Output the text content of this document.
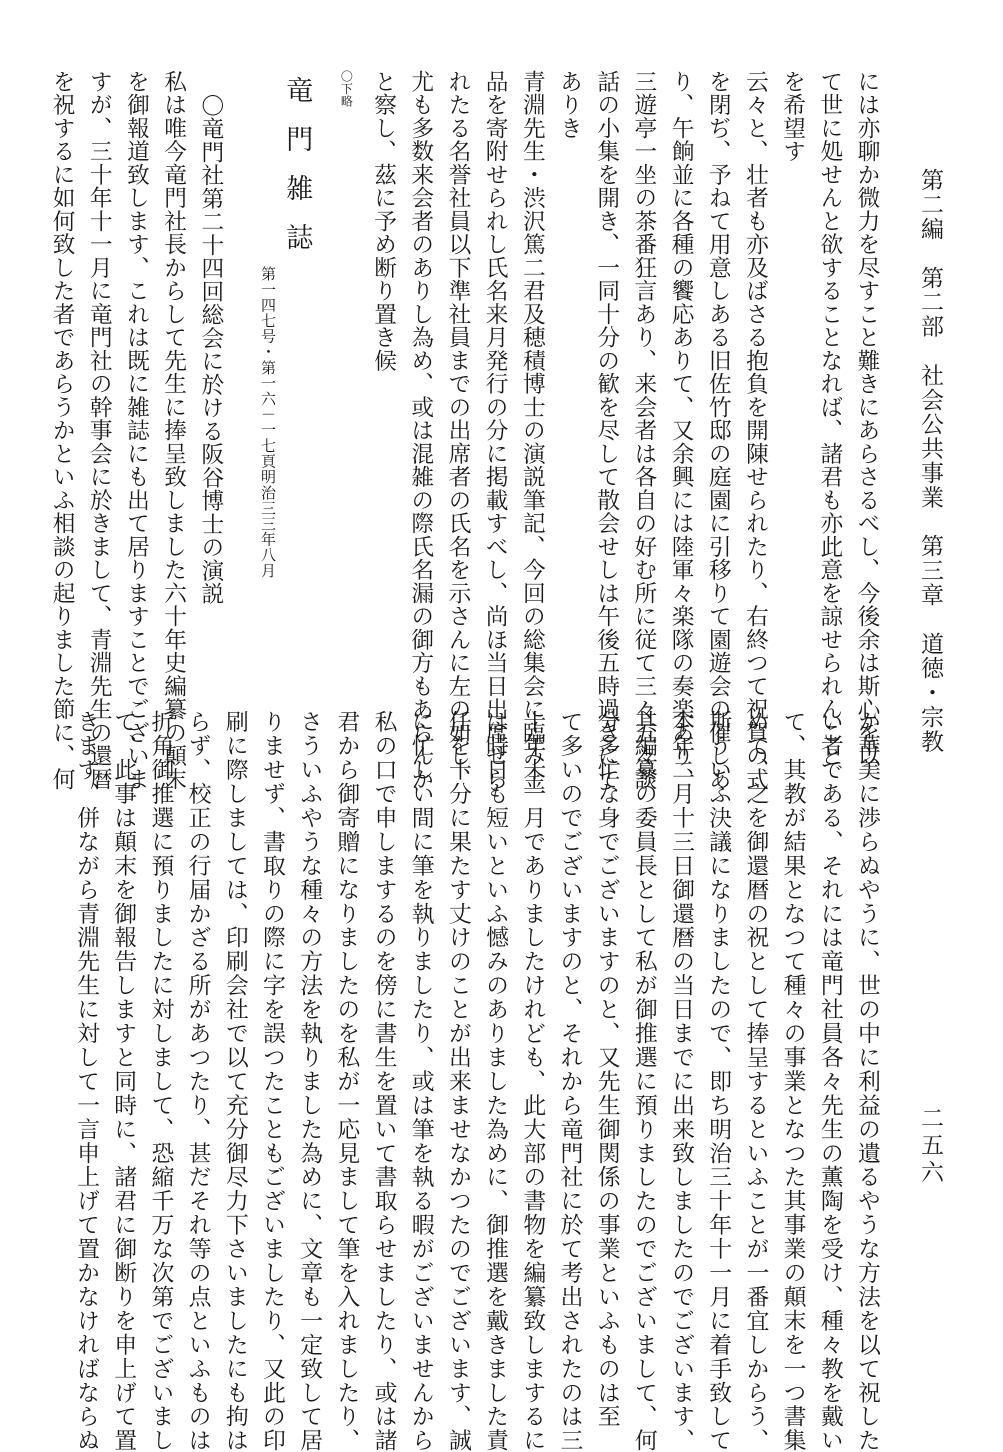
第二編　第二部　社会公共事業　第三章　道徳・宗教
二五六
には亦聊か微力を尽すこと難きにあらさるべし、今後余は斯心を以
て世に処せんと欲することなれば、諸君も亦此意を諒せられんこと
を希望す
云々と、壮者も亦及ばさる抱負を開陳せられたり、右終つて祝賀の式
を閉ぢ、予ねて用意しある旧佐竹邸の庭園に引移りて園遊会の催しあ
り、午餉並に各種の饗応ありて、又余興には陸軍々楽隊の奏楽あり、
三遊亭一坐の茶番狂言あり、来会者は各自の好む所に従て三々五々談
話の小集を開き、一同十分の歓を尽して散会せしは午後五時過きにて
ありき
青淵先生・渋沢篤二君及穂積博士の演説筆記、今回の総集会に臨み金
品を寄附せられし氏名来月発行の分に掲載すべし、尚ほ当日出席せら
れたる名誉社員以下準社員までの出席者の氏名を示さんに左の如し、
尤も多数来会者のありし為め、或は混雑の際氏名漏の御方もあらんか
と察し、茲に予め断り置き候
〇下略
竜門雑誌
第一四七号・第一六－一七頁明治三三年八月
〇竜門社第二十四回総会に於ける阪谷博士の演説
私は唯今竜門社長からして先生に捧呈致しました六十年史編纂の顛末
を御報道致します、これは既に雑誌にも出て居りますことでございま
すが、三十年十一月に竜門社の幹事会に於きまして、青淵先生の還暦
を祝するに如何致した者であらうかといふ相談の起りました節に、何
か華美に渉らぬやうに、世の中に利益の遺るやうな方法を以て祝した
い者である、それには竜門社員各々先生の薫陶を受け、種々教を戴い
て、其教が結果となつて種々の事業となつた其事業の顛末を一つ書集
めて、之を御還暦の祝として捧呈するといふことが一番宜しからう、
斯ういふ決議になりましたので、即ち明治三十年十一月に着手致して
本年二月十三日御還暦の当日までに出来致しましたのでございます、
其編纂の委員長として私が御推選に預りましたのでございまして、何
分多忙な身でございますのと、又先生御関係の事業といふものは至
て多いのでございますのと、それから竜門社に於て考出されたのは三
十年十一月でありましたけれども、此大部の書物を編纂致しまするに
は時日も短いといふ憾みのありました為めに、御推選を戴きました責
任を十分に果たす丈けのことが出来ませなかつたのでございます、誠
に忙しい間に筆を執りましたり、或は筆を執る暇がございませんから
私の口で申しまするのを傍に書生を置いて書取らせましたり、或は諸
君から御寄贈になりましたのを私が一応見まして筆を入れましたり、
さういふやうな種々の方法を執りました為めに、文章も一定致して居
りませず、書取りの際に字を誤つたこともございましたり、又此の印
刷に際しましては、印刷会社で以て充分御尽力下さいましたにも拘は
らず、校正の行届かざる所があつたり、甚だそれ等の点といふものは
折角御推選に預りましたに対しまして、恐縮千万な次第でございまし
て、此事は顛末を御報告しますと同時に、諸君に御断りを申上げて置
きます、併ながら青淵先生に対して一言申上げて置かなければならぬ
